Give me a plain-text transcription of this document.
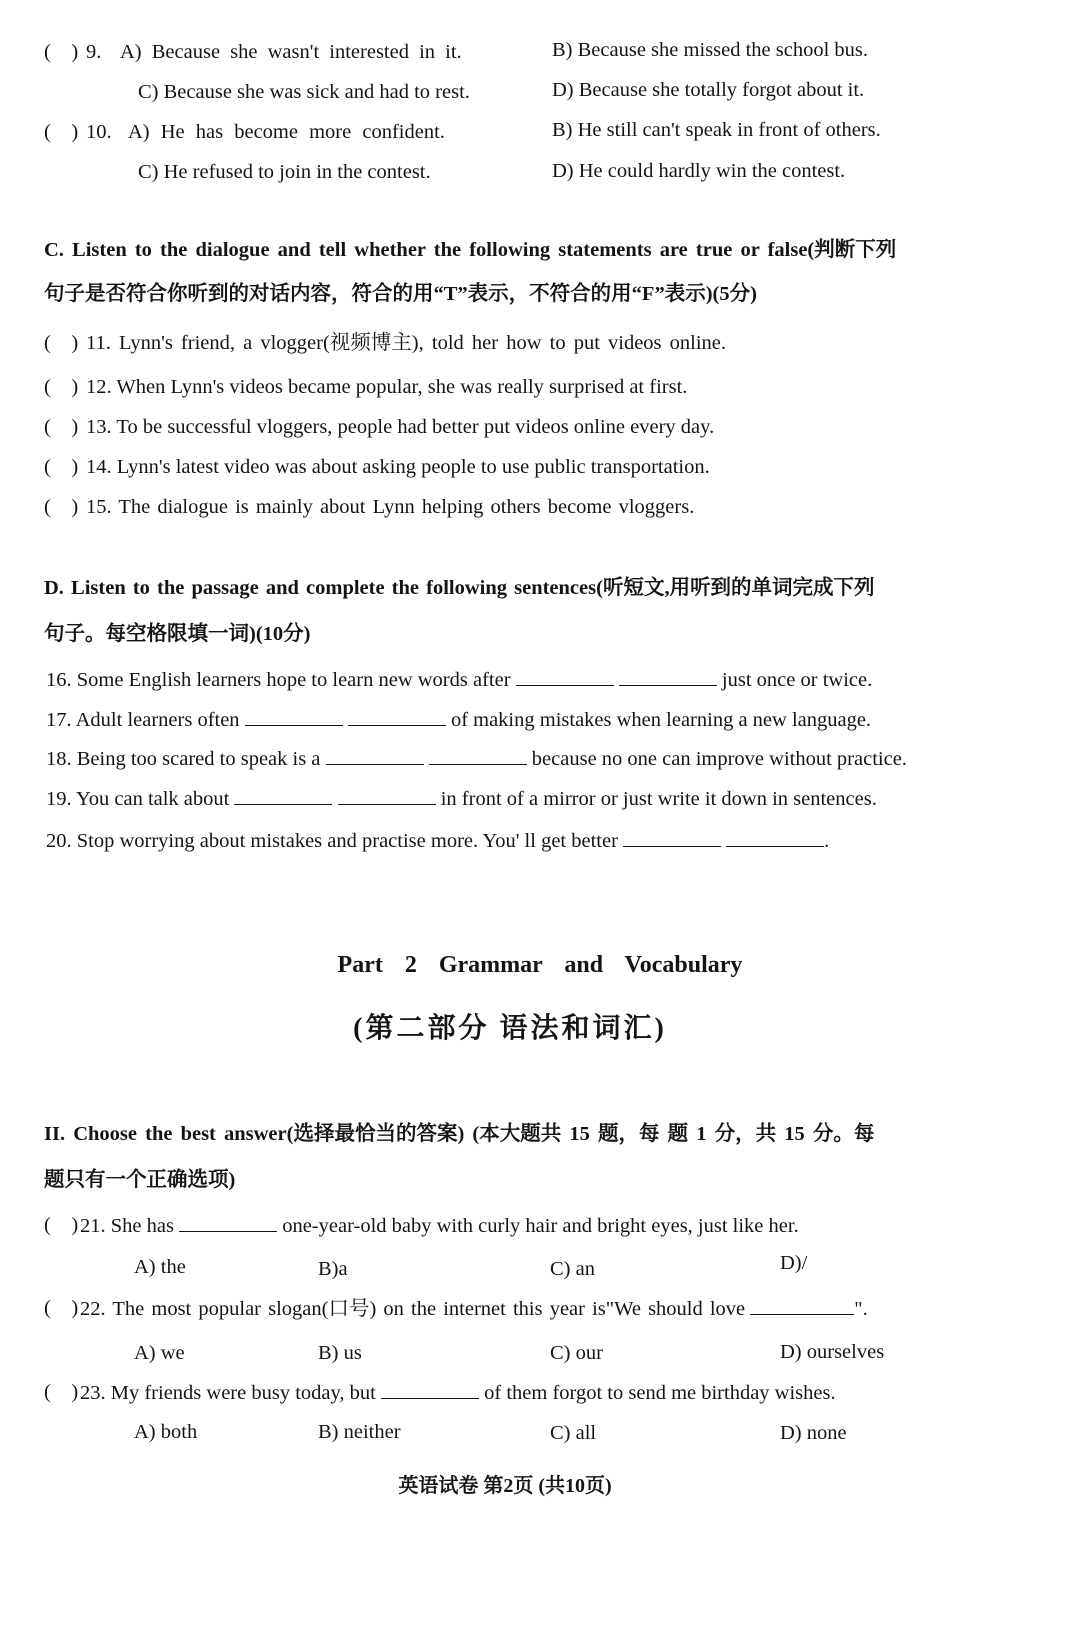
(    ) 9. A) Because she wasn't interested in it.	B) Because she missed the school bus.
C) Because she was sick and had to rest.	D) Because she totally forgot about it.
(    ) 10. A) He has become more confident.	B) He still can't speak in front of others.
C) He refused to join in the contest.	D) He could hardly win the contest.
C. Listen to the dialogue and tell whether the following statements are true or false(判断下列
句子是否符合你听到的对话内容，符合的用“T”表示，不符合的用“F”表示)(5分)
(    ) 11. Lynn's friend, a vlogger(视频博主), told her how to put videos online.
(    ) 12. When Lynn's videos became popular, she was really surprised at first.
(    ) 13. To be successful vloggers, people had better put videos online every day.
(    ) 14. Lynn's latest video was about asking people to use public transportation.
(    ) 15. The dialogue is mainly about Lynn helping others become vloggers.
D. Listen to the passage and complete the following sentences(听短文,用听到的单词完成下列
句子。每空格限填一词)(10分)
16. Some English learners hope to learn new words after	just once or twice.
17. Adult learners often	of making mistakes when learning a new language.
18. Being too scared to speak is a	because no one can improve without practice.
19. You can talk about	in front of a mirror or just write it down in sentences.
20. Stop worrying about mistakes and practise more. You' ll get better	.
Part 2 Grammar and Vocabulary
(第二部分 语法和词汇)
II. Choose the best answer(选择最恰当的答案) (本大题共 15 题，每 题 1 分，共 15 分。每
题只有一个正确选项)
(    ) 21. She has	one-year-old baby with curly hair and bright eyes, just like her.
A) the	B)a	C) an	D)/
(    ) 22. The most popular slogan(口号) on the internet this year is"We should love	".
A) we	B) us	C) our	D) ourselves
(    ) 23. My friends were busy today, but	of them forgot to send me birthday wishes.
A) both	B) neither	C) all	D) none
英语试卷 第2页 (共10页)
